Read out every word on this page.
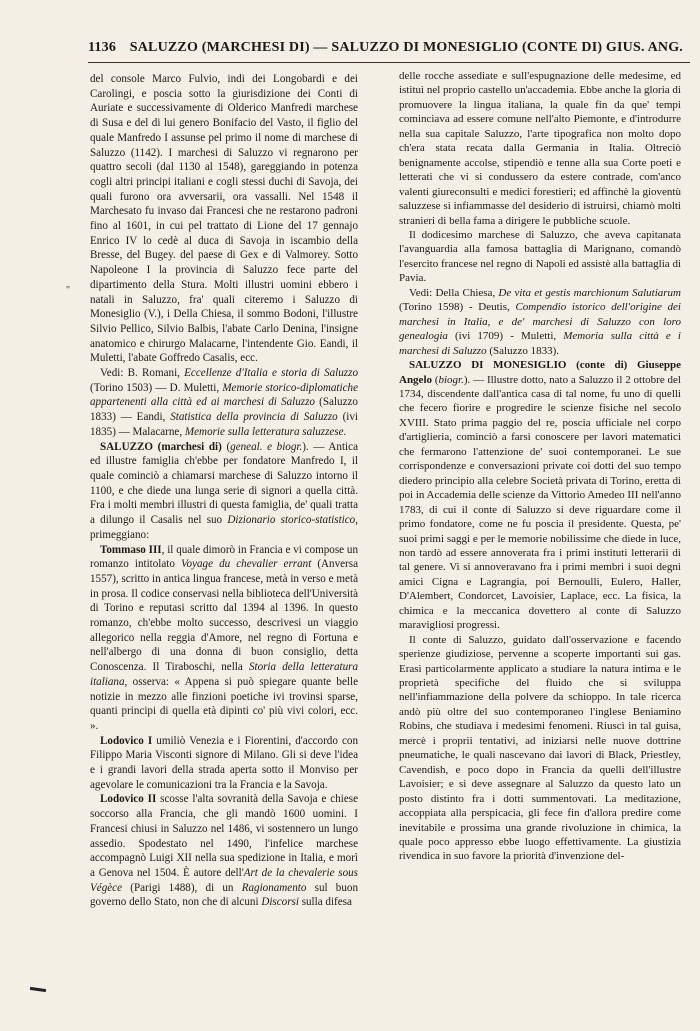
1136 SALUZZO (MARCHESI DI) — SALUZZO DI MONESIGLIO (CONTE DI) GIUS. ANG.
"

del console Marco Fulvio, indi dei Longobardi e dei Carolingi, e poscia sotto la giurisdizione dei Conti di Auriate e successivamente di Olderico Manfredi marchese di Susa e del di lui genero Bonifacio del Vasto, il figlio del quale Manfredo I assunse pel primo il nome di marchese di Saluzzo (1142). I marchesi di Saluzzo vi regnarono per quattro secoli (dal 1130 al 1548), gareggiando in potenza cogli altri principi italiani e cogli stessi duchi di Savoja, dei quali furono ora avversarii, ora vassalli. Nel 1548 il Marchesato fu invaso dai Francesi che ne restarono padroni fino al 1601, in cui pel trattato di Lione del 17 gennajo Enrico IV lo cedè al duca di Savoja in iscambio della Bresse, del Bugey. del paese di Gex e di Valmorey. Sotto Napoleone I la provincia di Saluzzo fece parte del dipartimento della Stura. Molti illustri uomini ebbero i natali in Saluzzo, fra' quali citeremo i Saluzzo di Monesiglio (V.), i Della Chiesa, il sommo Bodoni, l'illustre Silvio Pellico, Silvio Balbis, l'abate Carlo Denina, l'insigne anatomico e chirurgo Malacarne, l'intendente Gio. Eandi, il Muletti, l'abate Goffredo Casalis, ecc.

Vedi: B. Romani, Eccellenze d'Italia e storia di Saluzzo (Torino 1503) — D. Muletti, Memorie storico-diplomatiche appartenenti alla città ed ai marchesi di Saluzzo (Saluzzo 1833) — Eandi, Statistica della provincia di Saluzzo (ivi 1835) — Malacarne, Memorie sulla letteratura saluzzese.

SALUZZO (marchesi di) (geneal. e biogr.). — Antica ed illustre famiglia ch'ebbe per fondatore Manfredo I, il quale cominciò a chiamarsi marchese di Saluzzo intorno il 1100, e che diede una lunga serie di signori a quella città. Fra i molti membri illustri di questa famiglia, de' quali tratta a dilungo il Casalis nel suo Dizionario storico-statistico, primeggiano:

Tommaso III, il quale dimorò in Francia e vi compose un romanzo intitolato Voyage du chevalier errant (Anversa 1557), scritto in antica lingua francese, metà in verso e metà in prosa. Il codice conservasi nella biblioteca dell'Università di Torino e reputasi scritto dal 1394 al 1396. In questo romanzo, ch'ebbe molto successo, descrivesi un viaggio allegorico nella reggia d'Amore, nel regno di Fortuna e nell'albergo di una donna di buon consiglio, detta Conoscenza. Il Tiraboschi, nella Storia della letteratura italiana, osserva: « Appena si può spiegare quante belle notizie in mezzo alle finzioni poetiche ivi trovinsi sparse, quanti principi di quella età dipinti co' più vivi colori, ecc. ».

Lodovico I umiliò Venezia e i Fiorentini, d'accordo con Filippo Maria Visconti signore di Milano. Gli si deve l'idea e i grandi lavori della strada aperta sotto il Monviso per agevolare le comunicazioni tra la Francia e la Savoja.

Lodovico II scosse l'alta sovranità della Savoja e chiese soccorso alla Francia, che gli mandò 1600 uomini. I Francesi chiusi in Saluzzo nel 1486, vi sostennero un lungo assedio. Spodestato nel 1490, l'infelice marchese accompagnò Luigi XII nella sua spedizione in Italia, e morì a Genova nel 1504. È autore dell'Art de la chevalerie sous Végèce (Parigi 1488), di un Ragionamento sul buon governo dello Stato, non che di alcuni Discorsi sulla difesa

delle rocche assediate e sull'espugnazione delle medesime, ed istituì nel proprio castello un'accademia. Ebbe anche la gloria di promuovere la lingua italiana, la quale fin da que' tempi cominciava ad essere comune nell'alto Piemonte, e d'introdurre nella sua capitale Saluzzo, l'arte tipografica non molto dopo ch'era stata recata dalla Germania in Italia. Oltreciò benignamente accolse, stipendiò e tenne alla sua Corte poeti e letterati che vi si condussero da estere contrade, com'anco valenti giureconsulti e medici forestieri; ed affinchè la gioventù saluzzese si infiammasse del desiderio di istruirsi, chiamò molti stranieri di bella fama a dirigere le pubbliche scuole.

Il dodicesimo marchese di Saluzzo, che aveva capitanata l'avanguardia alla famosa battaglia di Marignano, comandò l'esercito francese nel regno di Napoli ed assistè alla battaglia di Pavia.

Vedi: Della Chiesa, De vita et gestis marchionum Salutiarum (Torino 1598) - Deutis, Compendio istorico dell'origine dei marchesi in Italia, e de' marchesi di Saluzzo con loro genealogia (ivi 1709) - Muletti, Memoria sulla città e i marchesi di Saluzzo (Saluzzo 1833).

SALUZZO DI MONESIGLIO (conte di) Giuseppe Angelo (biogr.). — Illustre dotto, nato a Saluzzo il 2 ottobre del 1734, discendente dall'antica casa di tal nome, fu uno di quelli che fecero fiorire e progredire le scienze fisiche nel secolo XVIII. Stato prima paggio del re, poscia ufficiale nel corpo d'artiglieria, cominciò a farsi conoscere per lavori matematici che fermarono l'attenzione de' suoi contemporanei. Le sue corrispondenze e conversazioni private coi dotti del suo tempo diedero principio alla celebre Società privata di Torino, eretta di poi in Accademia delle scienze da Vittorio Amedeo III nell'anno 1783, di cui il conte di Saluzzo si deve riguardare come il primo fondatore, come ne fu poscia il presidente. Questa, pe' suoi primi saggi e per le memorie nobilissime che diede in luce, non tardò ad essere annoverata fra i primi instituti letterarii di tal genere. Vi si annoveravano fra i primi membri i suoi degni amici Cigna e Lagrangia, poi Bernoulli, Eulero, Haller, D'Alembert, Condorcet, Lavoisier, Laplace, ecc. La fisica, la chimica e la meccanica dovettero al conte di Saluzzo maravigliosi progressi.

Il conte di Saluzzo, guidato dall'osservazione e facendo sperienze giudiziose, pervenne a scoperte importanti sui gas. Erasi particolarmente applicato a studiare la natura intima e le proprietà specifiche del fluido che si sviluppa nell'infiammazione della polvere da schioppo. In tale ricerca andò più oltre del suo contemporaneo l'inglese Beniamino Robins, che studiava i medesimi fenomeni. Riuscì in tal guisa, mercè i proprii tentativi, ad iniziarsi nelle nuove dottrine pneumatiche, le quali nascevano dai lavori di Black, Priestley, Cavendish, e poco dopo in Francia da quelli dell'illustre Lavoisier; e si deve assegnare al Saluzzo da questo lato un posto distinto fra i dotti summentovati. La meditazione, accoppiata alla perspicacia, gli fece fin d'allora predire come inevitabile e prossima una grande rivoluzione in chimica, la quale poco appresso ebbe luogo effettivamente. La giustizia rivendica in suo favore la priorità d'invenzione del-
